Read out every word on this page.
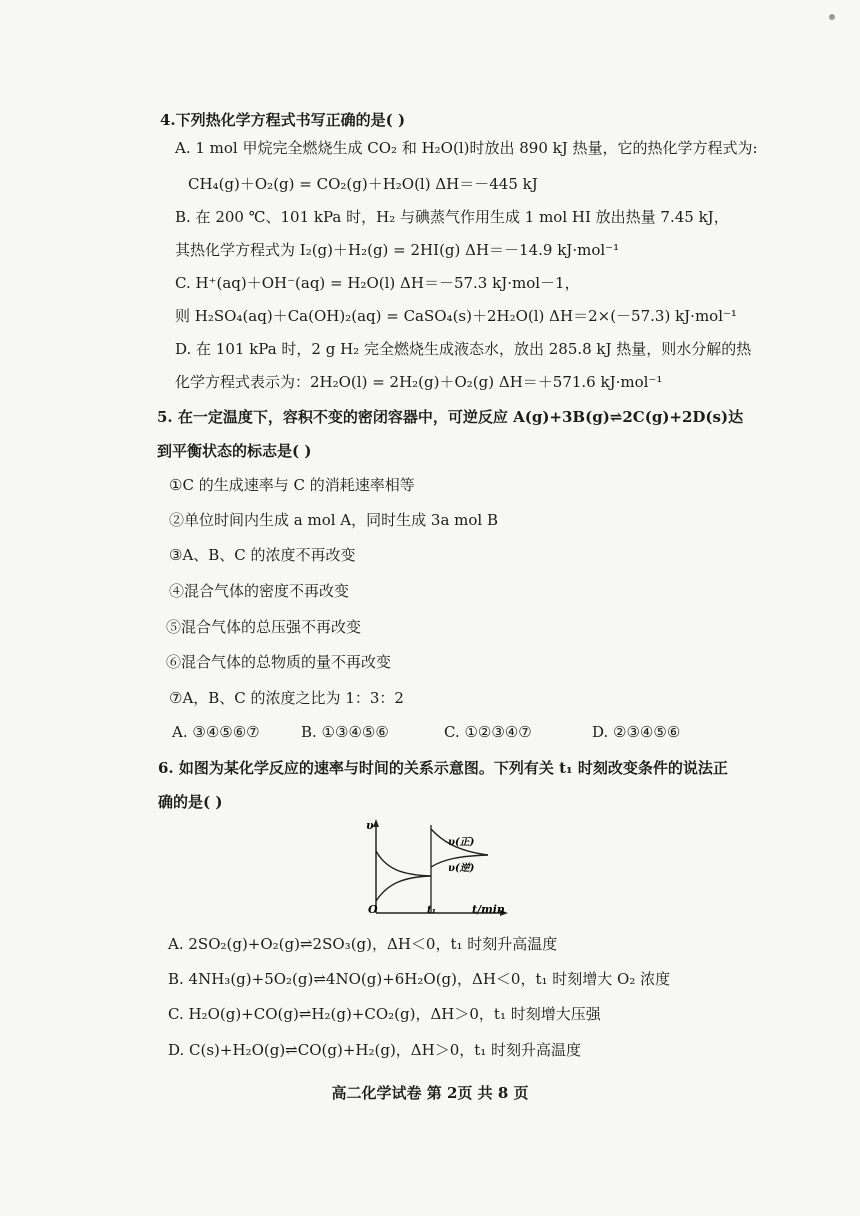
4.下列热化学方程式书写正确的是( )
A. 1 mol 甲烷完全燃烧生成 CO₂ 和 H₂O(l)时放出 890 kJ 热量，它的热化学方程式为:
CH₄(g)＋O₂(g) = CO₂(g)＋H₂O(l) ΔH＝－445 kJ
B. 在 200 ℃、101 kPa 时，H₂ 与碘蒸气作用生成 1 mol HI 放出热量 7.45 kJ，
其热化学方程式为 I₂(g)＋H₂(g) = 2HI(g) ΔH＝－14.9 kJ·mol⁻¹
C. H⁺(aq)＋OH⁻(aq) = H₂O(l) ΔH＝－57.3 kJ·mol－1，
则 H₂SO₄(aq)＋Ca(OH)₂(aq) = CaSO₄(s)＋2H₂O(l) ΔH＝2×(－57.3) kJ·mol⁻¹
D. 在 101 kPa 时，2 g H₂ 完全燃烧生成液态水，放出 285.8 kJ 热量，则水分解的热
化学方程式表示为：2H₂O(l) = 2H₂(g)＋O₂(g) ΔH＝＋571.6 kJ·mol⁻¹
5. 在一定温度下，容积不变的密闭容器中，可逆反应 A(g)+3B(g)⇌2C(g)+2D(s)达
到平衡状态的标志是( )
①C 的生成速率与 C 的消耗速率相等
②单位时间内生成 a mol A，同时生成 3a mol B
③A、B、C 的浓度不再改变
④混合气体的密度不再改变
⑤混合气体的总压强不再改变
⑥混合气体的总物质的量不再改变
⑦A，B、C 的浓度之比为 1：3：2
A. ③④⑤⑥⑦	B. ①③④⑤⑥	C. ①②③④⑦	D. ②③④⑤⑥
6. 如图为某化学反应的速率与时间的关系示意图。下列有关 t₁ 时刻改变条件的说法正
确的是( )
υ
O	t₁	t/min
υ(正)
υ(逆)
A. 2SO₂(g)+O₂(g)⇌2SO₃(g)，ΔH＜0，t₁ 时刻升高温度
B. 4NH₃(g)+5O₂(g)⇌4NO(g)+6H₂O(g)，ΔH＜0，t₁ 时刻增大 O₂ 浓度
C. H₂O(g)+CO(g)⇌H₂(g)+CO₂(g)，ΔH＞0，t₁ 时刻增大压强
D. C(s)+H₂O(g)⇌CO(g)+H₂(g)，ΔH＞0，t₁ 时刻升高温度
高二化学试卷 第 2页 共 8 页
